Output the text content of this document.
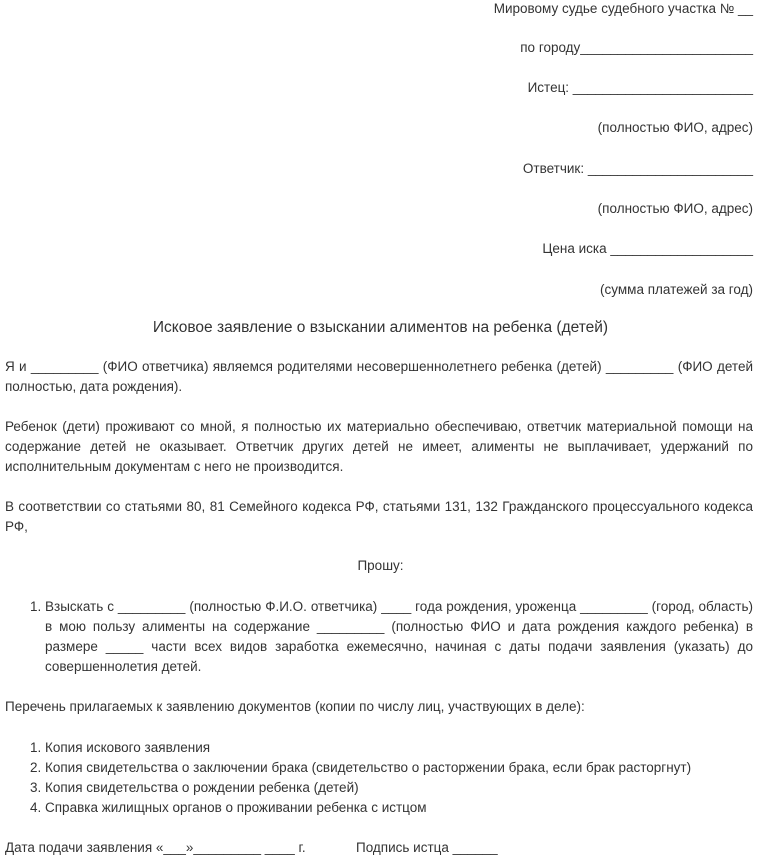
Мировому судье судебного участка № __
по городу_______________________
Истец: ________________________
(полностью ФИО, адрес)
Ответчик: ______________________
(полностью ФИО, адрес)
Цена иска ___________________
(сумма платежей за год)
Исковое заявление о взыскании алиментов на ребенка (детей)
Я и _________ (ФИО ответчика) являемся родителями несовершеннолетнего ребенка (детей) _________ (ФИО детей полностью, дата рождения).
Ребенок (дети) проживают со мной, я полностью их материально обеспечиваю, ответчик материальной помощи на содержание детей не оказывает. Ответчик других детей не имеет, алименты не выплачивает, удержаний по исполнительным документам с него не производится.
В соответствии со статьями 80, 81 Семейного кодекса РФ, статьями 131, 132 Гражданского процессуального кодекса РФ,
Прошу:
1. Взыскать с _________ (полностью Ф.И.О. ответчика) ____ года рождения, уроженца _________ (город, область) в мою пользу алименты на содержание _________ (полностью ФИО и дата рождения каждого ребенка) в размере _____ части всех видов заработка ежемесячно, начиная с даты подачи заявления (указать) до совершеннолетия детей.
Перечень прилагаемых к заявлению документов (копии по числу лиц, участвующих в деле):
1. Копия искового заявления
2. Копия свидетельства о заключении брака (свидетельство о расторжении брака, если брак расторгнут)
3. Копия свидетельства о рождении ребенка (детей)
4. Справка жилищных органов о проживании ребенка с истцом
Дата подачи заявления «___»_________ ____ г.	Подпись истца ______
